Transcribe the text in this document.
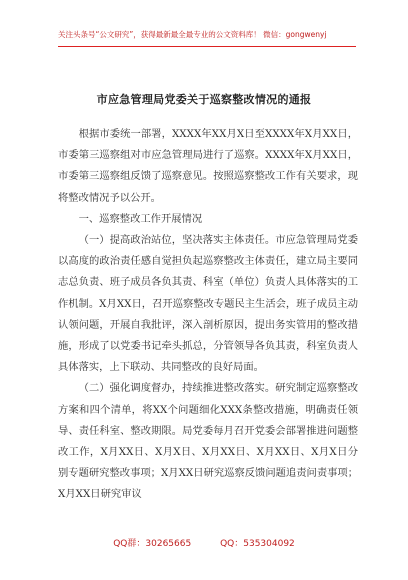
关注头条号“公文研究”，获得最新最全最专业的公文资料库！ 微信：gongwenyj
市应急管理局党委关于巡察整改情况的通报

根据市委统一部署，XXXX年XX月X日至XXXX年X月XX日，市委第三巡察组对市应急管理局进行了巡察。XXXX年X月XX日，市委第三巡察组反馈了巡察意见。按照巡察整改工作有关要求，现将整改情况予以公开。

一、巡察整改工作开展情况

（一）提高政治站位，坚决落实主体责任。市应急管理局党委以高度的政治责任感自觉担负起巡察整改主体责任，建立局主要同志总负责、班子成员各负其责、科室（单位）负责人具体落实的工作机制。X月XX日，召开巡察整改专题民主生活会，班子成员主动认领问题，开展自我批评，深入剖析原因，提出务实管用的整改措施，形成了以党委书记牵头抓总，分管领导各负其责，科室负责人具体落实，上下联动、共同整改的良好局面。

（二）强化调度督办，持续推进整改落实。研究制定巡察整改方案和四个清单，将XX个问题细化XXX条整改措施，明确责任领导、责任科室、整改期限。局党委每月召开党委会部署推进问题整改工作，X月XX日、X月X日、X月XX日、X月XX日、X月X日分别专题研究整改事项；X月XX日研究巡察反馈问题追责问责事项；X月XX日研究审议

QQ群：30265665	QQ：535304092
